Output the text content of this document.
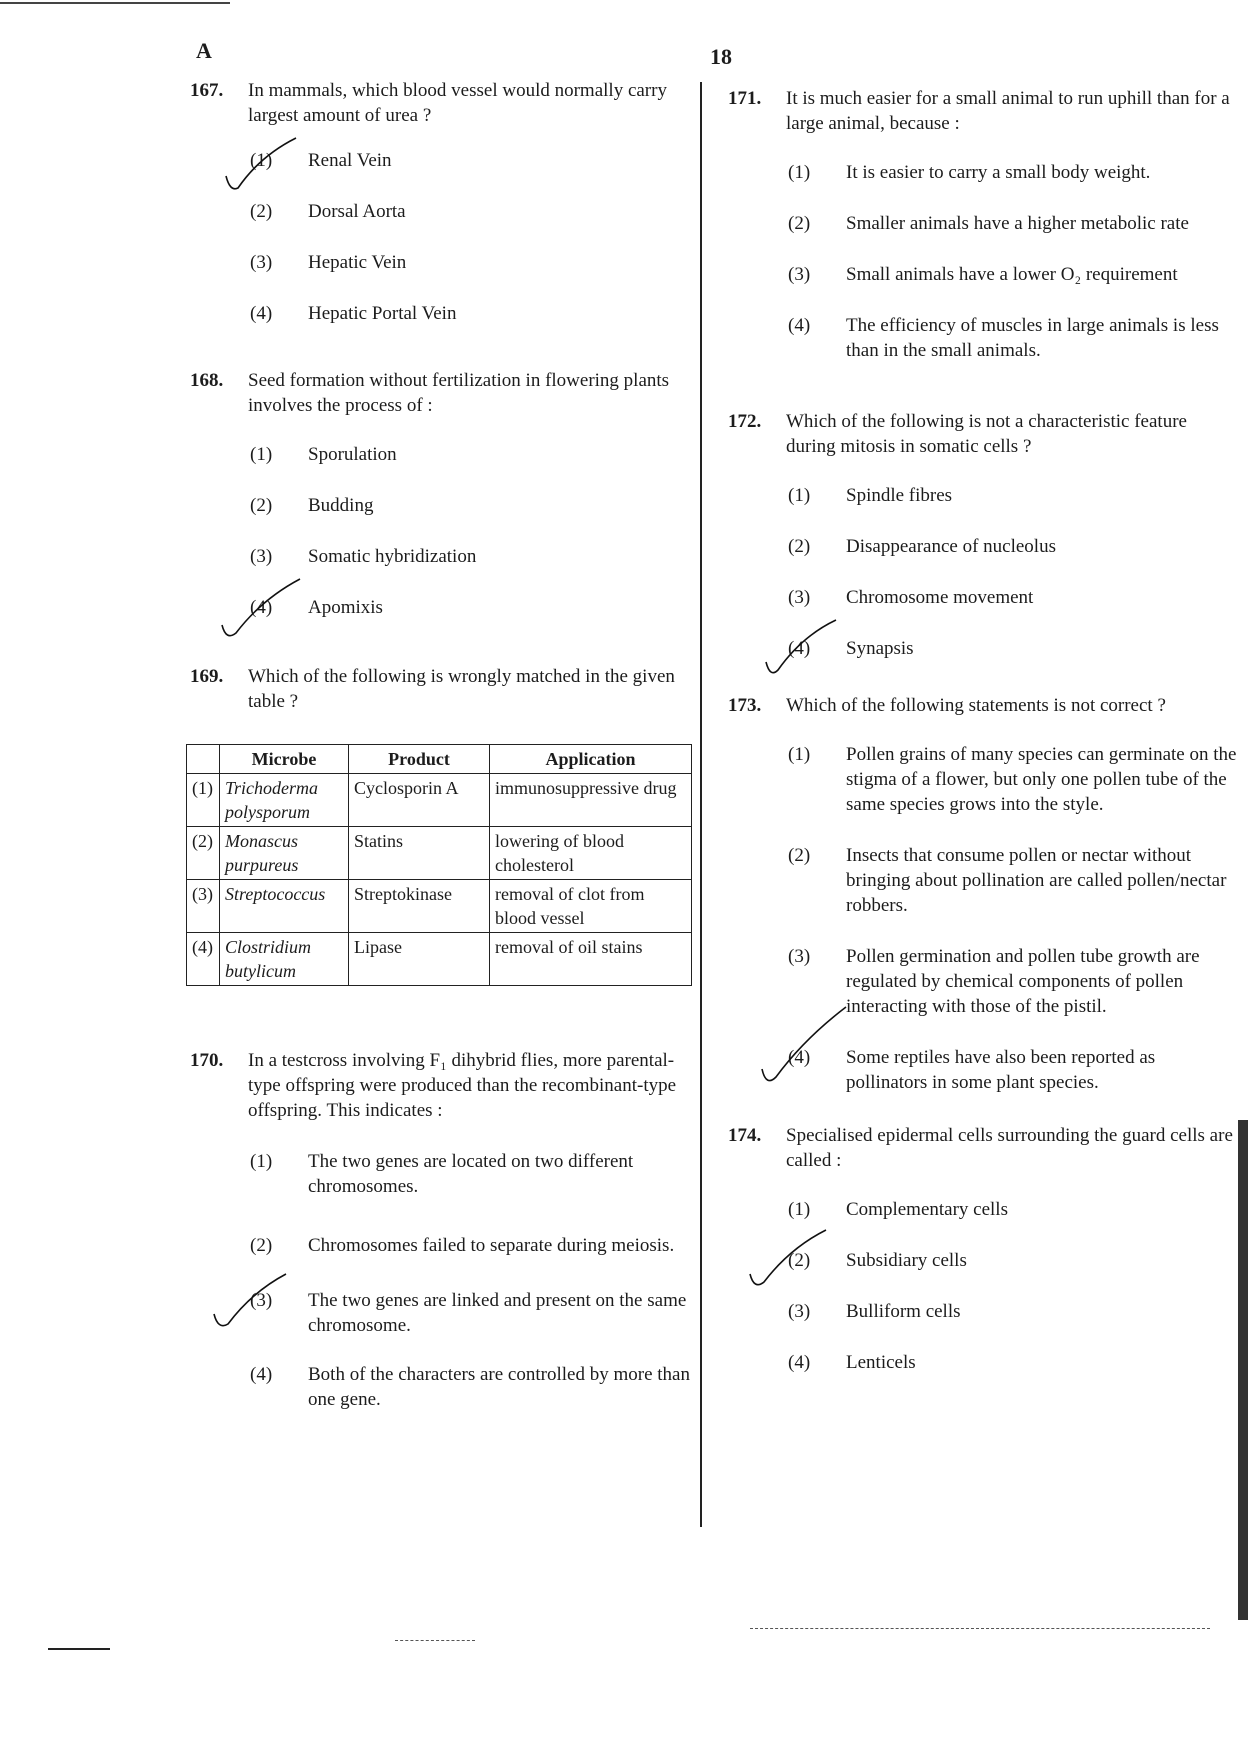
A	18
167.	In mammals, which blood vessel would normally carry largest amount of urea ?
(1)	Renal Vein
(2)	Dorsal Aorta
(3)	Hepatic Vein
(4)	Hepatic Portal Vein
168.	Seed formation without fertilization in flowering plants involves the process of :
(1)	Sporulation
(2)	Budding
(3)	Somatic hybridization
(4)	Apomixis
169.	Which of the following is wrongly matched in the given table ?
	Microbe	Product	Application
(1)	Trichoderma polysporum	Cyclosporin A	immunosuppressive drug
(2)	Monascus purpureus	Statins	lowering of blood cholesterol
(3)	Streptococcus	Streptokinase	removal of clot from blood vessel
(4)	Clostridium butylicum	Lipase	removal of oil stains
170.	In a testcross involving F₁ dihybrid flies, more parental-type offspring were produced than the recombinant-type offspring. This indicates :
(1)	The two genes are located on two different chromosomes.
(2)	Chromosomes failed to separate during meiosis.
(3)	The two genes are linked and present on the same chromosome.
(4)	Both of the characters are controlled by more than one gene.
171.	It is much easier for a small animal to run uphill than for a large animal, because :
(1)	It is easier to carry a small body weight.
(2)	Smaller animals have a higher metabolic rate
(3)	Small animals have a lower O₂ requirement
(4)	The efficiency of muscles in large animals is less than in the small animals.
172.	Which of the following is not a characteristic feature during mitosis in somatic cells ?
(1)	Spindle fibres
(2)	Disappearance of nucleolus
(3)	Chromosome movement
(4)	Synapsis
173.	Which of the following statements is not correct ?
(1)	Pollen grains of many species can germinate on the stigma of a flower, but only one pollen tube of the same species grows into the style.
(2)	Insects that consume pollen or nectar without bringing about pollination are called pollen/nectar robbers.
(3)	Pollen germination and pollen tube growth are regulated by chemical components of pollen interacting with those of the pistil.
(4)	Some reptiles have also been reported as pollinators in some plant species.
174.	Specialised epidermal cells surrounding the guard cells are called :
(1)	Complementary cells
(2)	Subsidiary cells
(3)	Bulliform cells
(4)	Lenticels
